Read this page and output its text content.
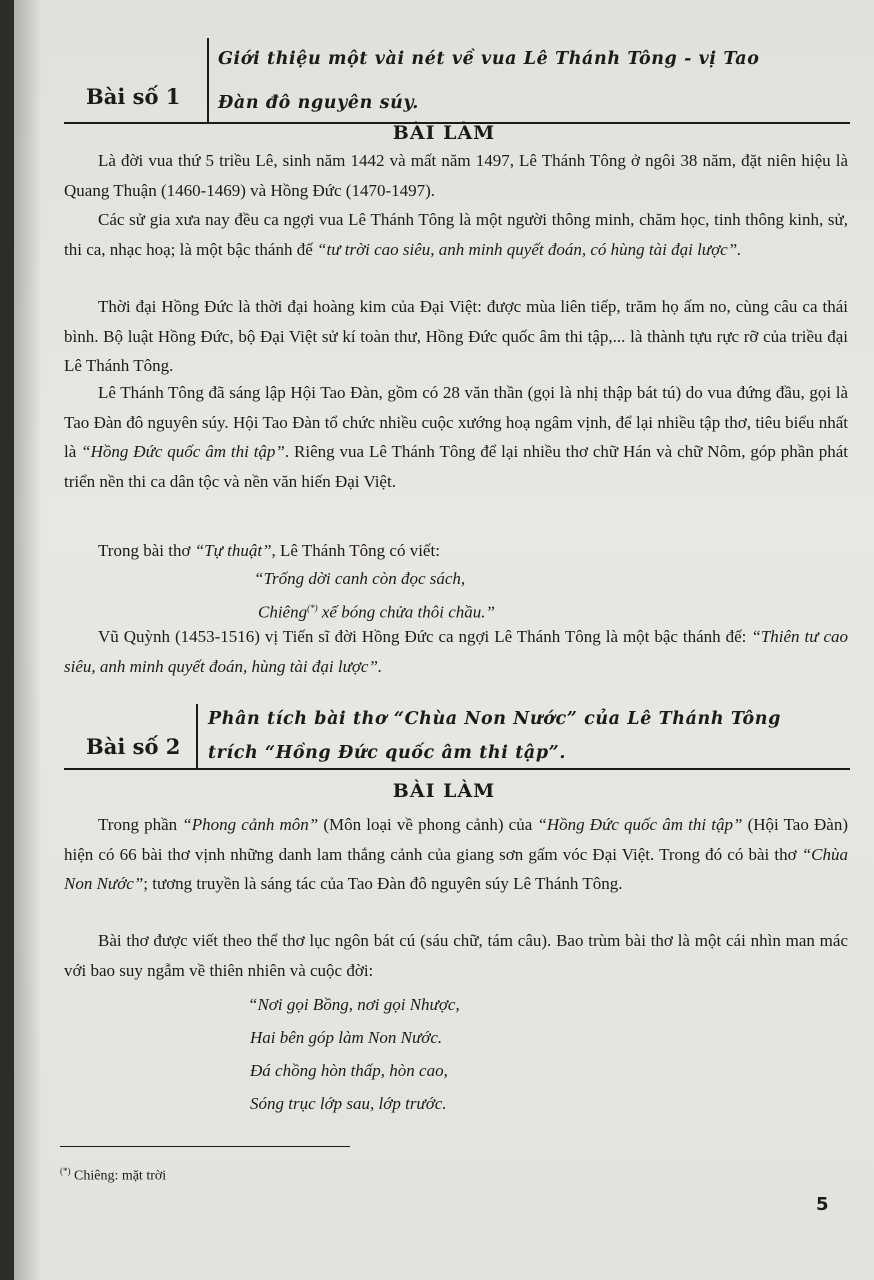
Bài số 1
Giới thiệu một vài nét về vua Lê Thánh Tông - vị Tao
Đàn đô nguyên súy.
BÀI LÀM
Là đời vua thứ 5 triều Lê, sinh năm 1442 và mất năm 1497, Lê Thánh Tông ở ngôi 38 năm, đặt niên hiệu là Quang Thuận (1460-1469) và Hồng Đức (1470-1497).
Các sử gia xưa nay đều ca ngợi vua Lê Thánh Tông là một người thông minh, chăm học, tinh thông kinh, sử, thi ca, nhạc hoạ; là một bậc thánh đế “tư trời cao siêu, anh minh quyết đoán, có hùng tài đại lược”.
Thời đại Hồng Đức là thời đại hoàng kim của Đại Việt: được mùa liên tiếp, trăm họ ấm no, cùng câu ca thái bình. Bộ luật Hồng Đức, bộ Đại Việt sử kí toàn thư, Hồng Đức quốc âm thi tập,... là thành tựu rực rỡ của triều đại Lê Thánh Tông.
Lê Thánh Tông đã sáng lập Hội Tao Đàn, gồm có 28 văn thần (gọi là nhị thập bát tú) do vua đứng đầu, gọi là Tao Đàn đô nguyên súy. Hội Tao Đàn tổ chức nhiều cuộc xướng hoạ ngâm vịnh, để lại nhiều tập thơ, tiêu biểu nhất là “Hồng Đức quốc âm thi tập”. Riêng vua Lê Thánh Tông để lại nhiều thơ chữ Hán và chữ Nôm, góp phần phát triển nền thi ca dân tộc và nền văn hiến Đại Việt.
Trong bài thơ “Tự thuật”, Lê Thánh Tông có viết:
“Trống dời canh còn đọc sách,
Chiêng(*) xế bóng chửa thôi chầu.”
Vũ Quỳnh (1453-1516) vị Tiến sĩ đời Hồng Đức ca ngợi Lê Thánh Tông là một bậc thánh đế: “Thiên tư cao siêu, anh minh quyết đoán, hùng tài đại lược”.
Bài số 2
Phân tích bài thơ “Chùa Non Nước” của Lê Thánh Tông
trích “Hồng Đức quốc âm thi tập”.
BÀI LÀM
Trong phần “Phong cảnh môn” (Môn loại về phong cảnh) của “Hồng Đức quốc âm thi tập” (Hội Tao Đàn) hiện có 66 bài thơ vịnh những danh lam thắng cảnh của giang sơn gấm vóc Đại Việt. Trong đó có bài thơ “Chùa Non Nước”; tương truyền là sáng tác của Tao Đàn đô nguyên súy Lê Thánh Tông.
Bài thơ được viết theo thể thơ lục ngôn bát cú (sáu chữ, tám câu). Bao trùm bài thơ là một cái nhìn man mác với bao suy ngẫm về thiên nhiên và cuộc đời:
“Nơi gọi Bồng, nơi gọi Nhược,
Hai bên góp làm Non Nước.
Đá chồng hòn thấp, hòn cao,
Sóng trục lớp sau, lớp trước.
(*) Chiêng: mặt trời
5
